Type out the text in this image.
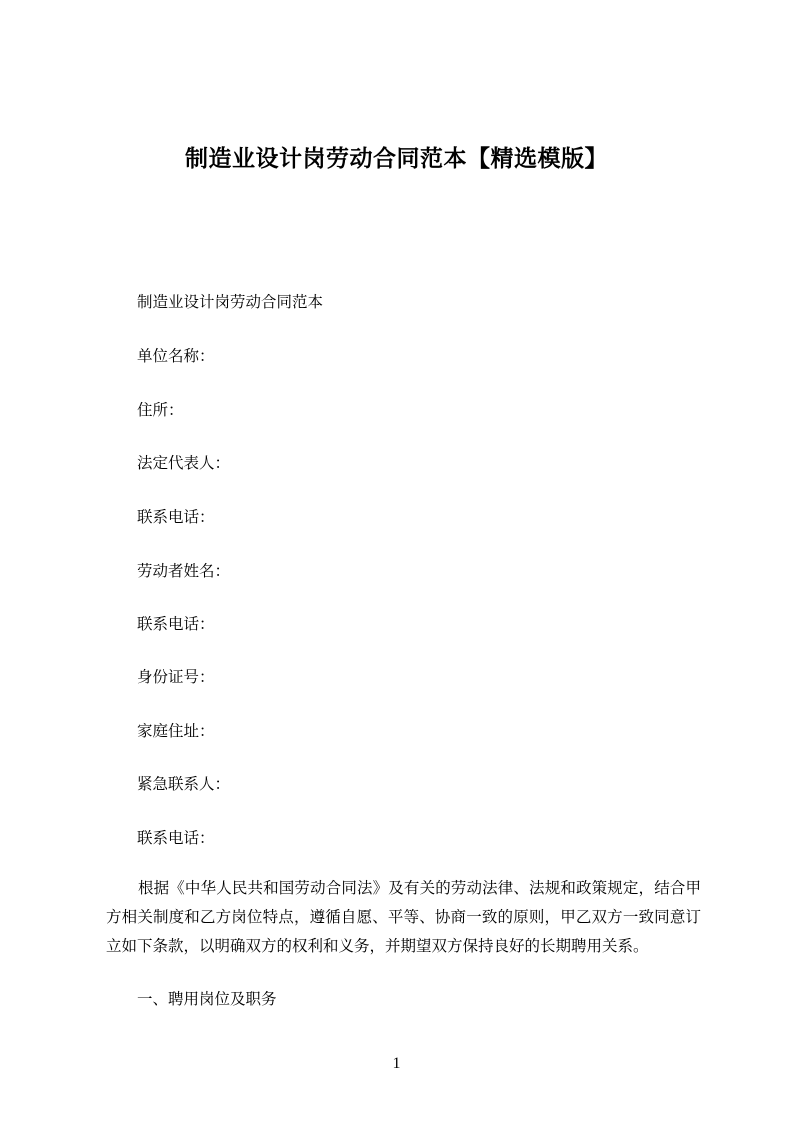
制造业设计岗劳动合同范本【精选模版】
制造业设计岗劳动合同范本
单位名称：
住所：
法定代表人：
联系电话：
劳动者姓名：
联系电话：
身份证号：
家庭住址：
紧急联系人：
联系电话：
根据《中华人民共和国劳动合同法》及有关的劳动法律、法规和政策规定，结合甲方相关制度和乙方岗位特点，遵循自愿、平等、协商一致的原则，甲乙双方一致同意订立如下条款，以明确双方的权利和义务，并期望双方保持良好的长期聘用关系。
一、聘用岗位及职务
1
